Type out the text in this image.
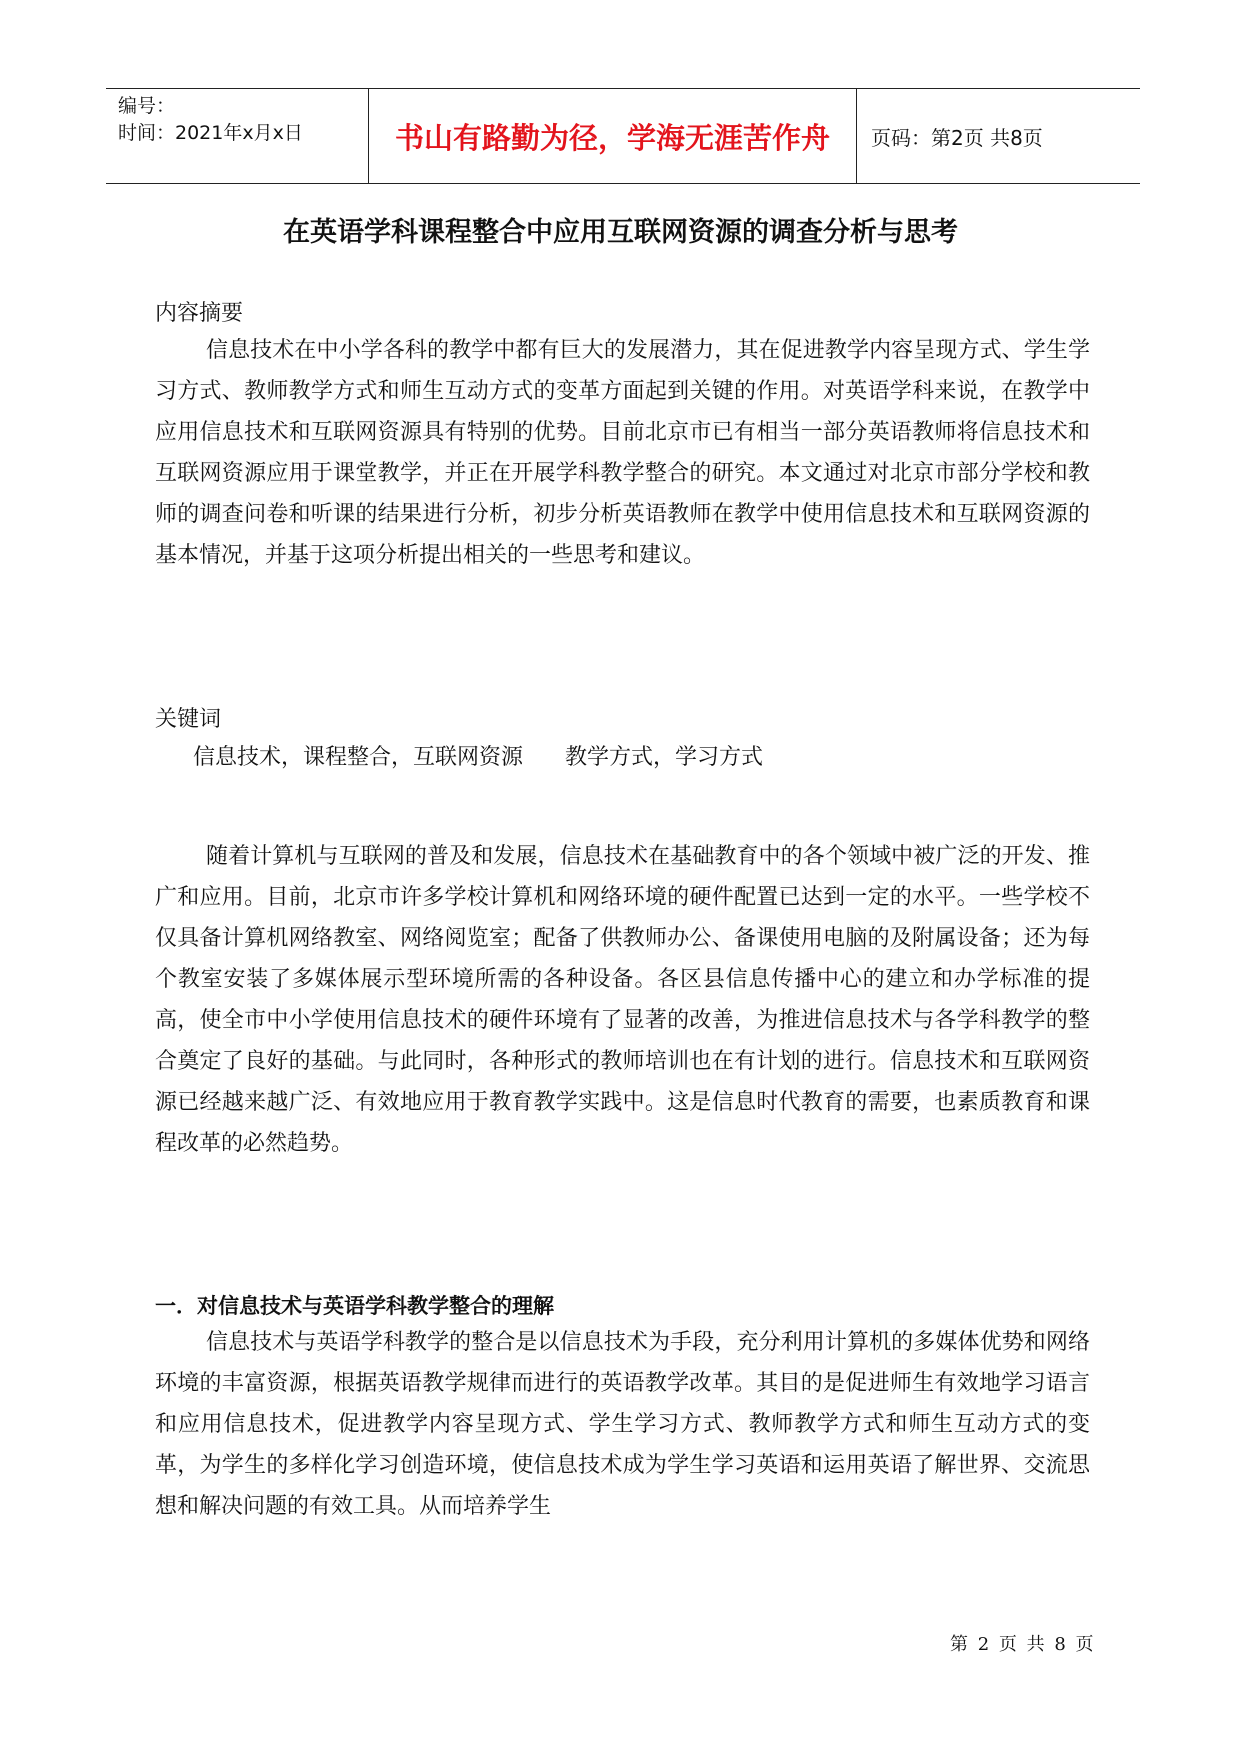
编号：
时间：2021年x月x日	书山有路勤为径，学海无涯苦作舟	页码：第2页 共8页
在英语学科课程整合中应用互联网资源的调查分析与思考
内容摘要

信息技术在中小学各科的教学中都有巨大的发展潜力，其在促进教学内容呈现方式、学生学习方式、教师教学方式和师生互动方式的变革方面起到关键的作用。对英语学科来说，在教学中应用信息技术和互联网资源具有特别的优势。目前北京市已有相当一部分英语教师将信息技术和互联网资源应用于课堂教学，并正在开展学科教学整合的研究。本文通过对北京市部分学校和教师的调查问卷和听课的结果进行分析，初步分析英语教师在教学中使用信息技术和互联网资源的基本情况，并基于这项分析提出相关的一些思考和建议。

关键词
信息技术，课程整合，互联网资源      教学方式，学习方式

随着计算机与互联网的普及和发展，信息技术在基础教育中的各个领域中被广泛的开发、推广和应用。目前，北京市许多学校计算机和网络环境的硬件配置已达到一定的水平。一些学校不仅具备计算机网络教室、网络阅览室；配备了供教师办公、备课使用电脑的及附属设备；还为每个教室安装了多媒体展示型环境所需的各种设备。各区县信息传播中心的建立和办学标准的提高，使全市中小学使用信息技术的硬件环境有了显著的改善，为推进信息技术与各学科教学的整合奠定了良好的基础。与此同时，各种形式的教师培训也在有计划的进行。信息技术和互联网资源已经越来越广泛、有效地应用于教育教学实践中。这是信息时代教育的需要，也素质教育和课程改革的必然趋势。

一．对信息技术与英语学科教学整合的理解

信息技术与英语学科教学的整合是以信息技术为手段，充分利用计算机的多媒体优势和网络环境的丰富资源，根据英语教学规律而进行的英语教学改革。其目的是促进师生有效地学习语言和应用信息技术，促进教学内容呈现方式、学生学习方式、教师教学方式和师生互动方式的变革，为学生的多样化学习创造环境，使信息技术成为学生学习英语和运用英语了解世界、交流思想和解决问题的有效工具。从而培养学生

第 2 页 共 8 页
